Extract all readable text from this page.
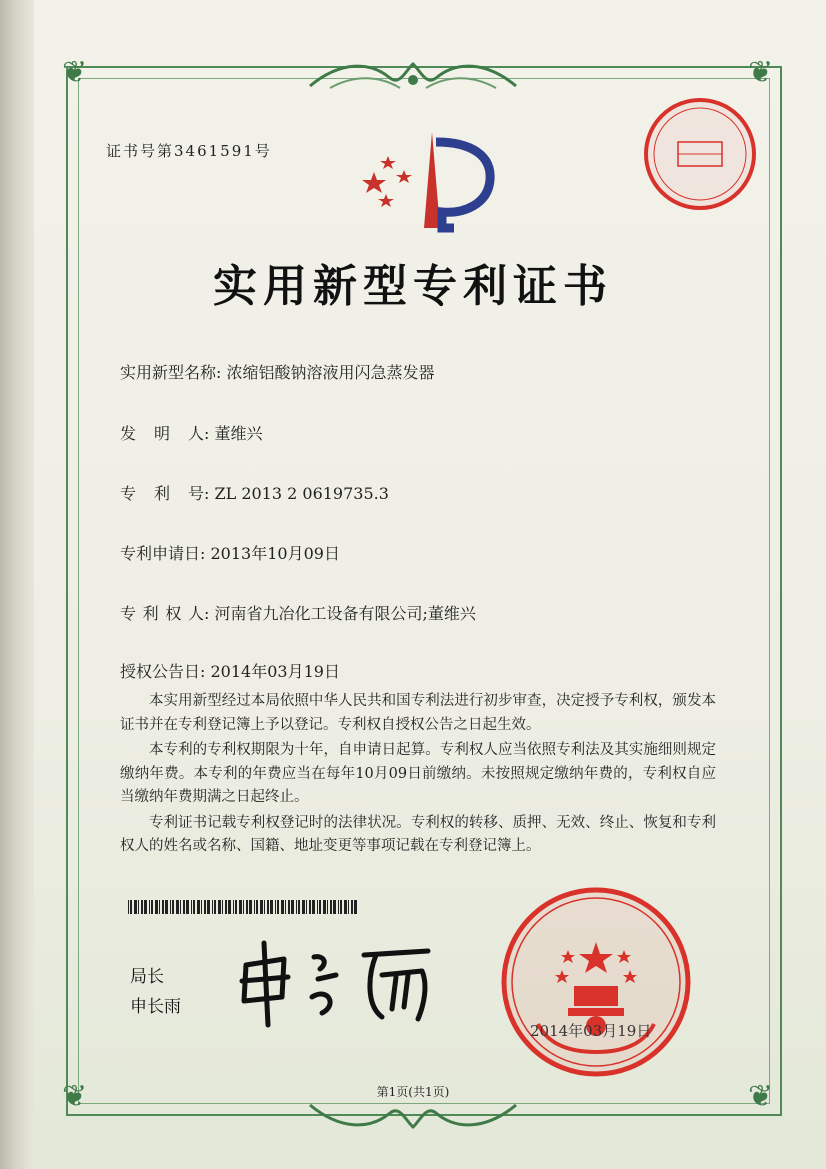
❦	❦
❦	❦
证书号第3461591号
实用新型专利证书
实用新型名称: 浓缩铝酸钠溶液用闪急蒸发器
发明人: 董维兴
专利号: ZL 2013 2 0619735.3
专利申请日: 2013年10月09日
专利权人: 河南省九冶化工设备有限公司;董维兴
授权公告日: 2014年03月19日

本实用新型经过本局依照中华人民共和国专利法进行初步审查，决定授予专利权，颁发本证书并在专利登记簿上予以登记。专利权自授权公告之日起生效。

本专利的专利权期限为十年，自申请日起算。专利权人应当依照专利法及其实施细则规定缴纳年费。本专利的年费应当在每年10月09日前缴纳。未按照规定缴纳年费的，专利权自应当缴纳年费期满之日起终止。

专利证书记载专利权登记时的法律状况。专利权的转移、质押、无效、终止、恢复和专利权人的姓名或名称、国籍、地址变更等事项记载在专利登记簿上。

局长
申长雨
2014年03月19日
第1页(共1页)
